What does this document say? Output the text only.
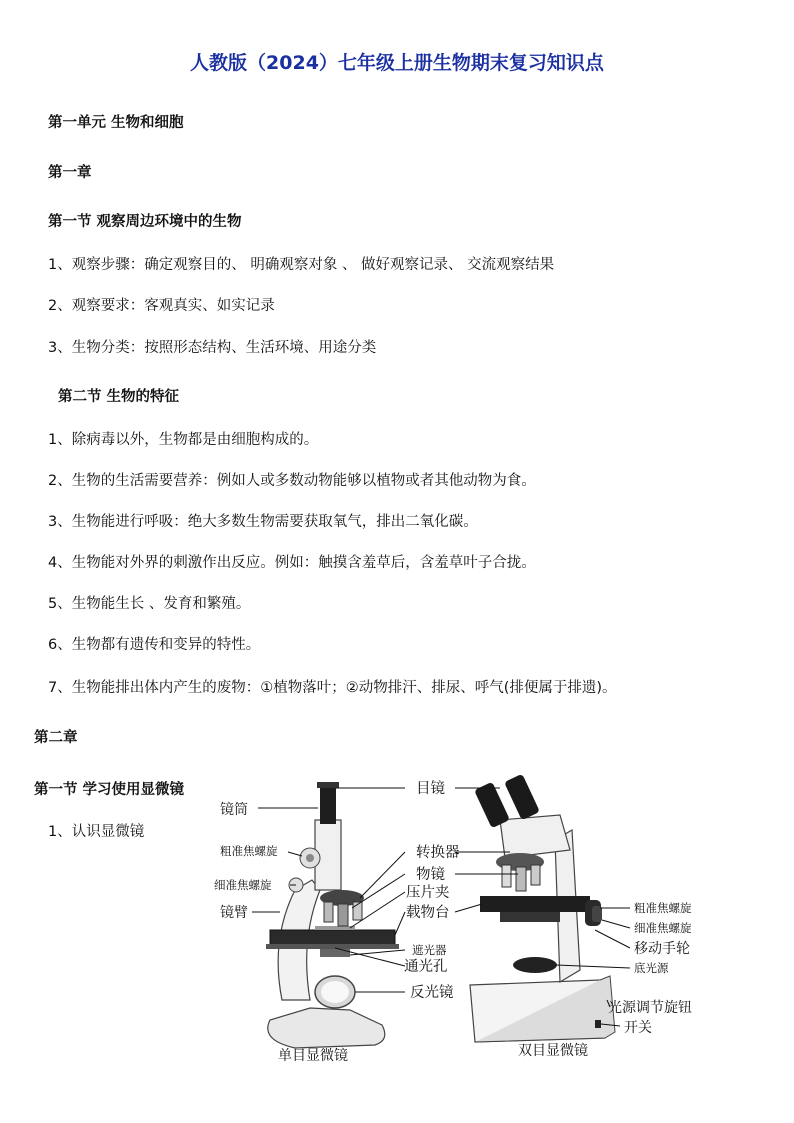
人教版（2024）七年级上册生物期末复习知识点
第一单元 生物和细胞
第一章
第一节 观察周边环境中的生物
1、观察步骤：确定观察目的、 明确观察对象 、 做好观察记录、 交流观察结果
2、观察要求：客观真实、如实记录
3、生物分类：按照形态结构、生活环境、用途分类
第二节 生物的特征
1、除病毒以外，生物都是由细胞构成的。
2、生物的生活需要营养：例如人或多数动物能够以植物或者其他动物为食。
3、生物能进行呼吸：绝大多数生物需要获取氧气，排出二氧化碳。
4、生物能对外界的刺激作出反应。例如：触摸含羞草后，含羞草叶子合拢。
5、生物能生长 、发育和繁殖。
6、生物都有遗传和变异的特性。
7、生物能排出体内产生的废物：①植物落叶；②动物排汗、排尿、呼气(排便属于排遗)。
第二章
第一节 学习使用显微镜
1、认识显微镜
镜筒
粗准焦螺旋
细准焦螺旋
镜臂
单目显微镜
目镜
转换器
物镜
压片夹
载物台
遮光器
通光孔
反光镜
粗准焦螺旋
细准焦螺旋
移动手轮
底光源
光源调节旋钮
开关
双目显微镜
